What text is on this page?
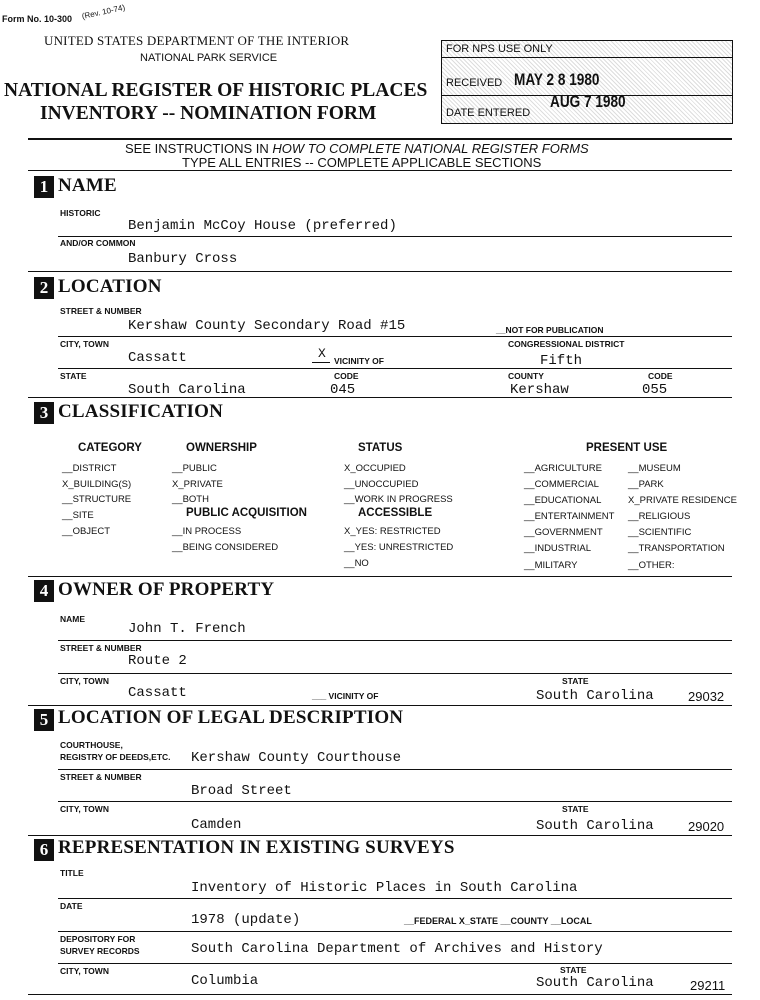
Form No. 10-300 (Rev. 10-74)
UNITED STATES DEPARTMENT OF THE INTERIOR
NATIONAL PARK SERVICE
NATIONAL REGISTER OF HISTORIC PLACES
INVENTORY -- NOMINATION FORM
FOR NPS USE ONLY
RECEIVED MAY 2 8 1980
DATE ENTERED
AUG 7 1980
SEE INSTRUCTIONS IN HOW TO COMPLETE NATIONAL REGISTER FORMS
TYPE ALL ENTRIES -- COMPLETE APPLICABLE SECTIONS
1 NAME
HISTORIC
Benjamin McCoy House (preferred)
AND/OR COMMON
Banbury Cross
2 LOCATION
STREET & NUMBER
Kershaw County Secondary Road #15	__NOT FOR PUBLICATION
CITY, TOWN	CONGRESSIONAL DISTRICT
Cassatt	X VICINITY OF	Fifth
STATE	CODE	COUNTY	CODE
South Carolina	045	Kershaw	055
3 CLASSIFICATION
CATEGORY
__DISTRICT
X_BUILDING(S)
__STRUCTURE
__SITE
__OBJECT
OWNERSHIP
__PUBLIC
X_PRIVATE
__BOTH
PUBLIC ACQUISITION
__IN PROCESS
__BEING CONSIDERED
STATUS
X_OCCUPIED
__UNOCCUPIED
__WORK IN PROGRESS
ACCESSIBLE
X_YES: RESTRICTED
__YES: UNRESTRICTED
__NO
PRESENT USE
__AGRICULTURE
__COMMERCIAL
__EDUCATIONAL
__ENTERTAINMENT
__GOVERNMENT
__INDUSTRIAL
__MILITARY
__MUSEUM
__PARK
X_PRIVATE RESIDENCE
__RELIGIOUS
__SCIENTIFIC
__TRANSPORTATION
__OTHER:
4 OWNER OF PROPERTY
NAME
John T. French
STREET & NUMBER
Route 2
CITY, TOWN	STATE
Cassatt	___ VICINITY OF	South Carolina	29032
5 LOCATION OF LEGAL DESCRIPTION
COURTHOUSE,
REGISTRY OF DEEDS,ETC. Kershaw County Courthouse
STREET & NUMBER
Broad Street
CITY, TOWN	STATE
Camden	South Carolina	29020
6 REPRESENTATION IN EXISTING SURVEYS
TITLE
Inventory of Historic Places in South Carolina
DATE
1978 (update)	__FEDERAL X_STATE __COUNTY __LOCAL
DEPOSITORY FOR
SURVEY RECORDS	South Carolina Department of Archives and History
CITY, TOWN	STATE
Columbia	South Carolina	29211
